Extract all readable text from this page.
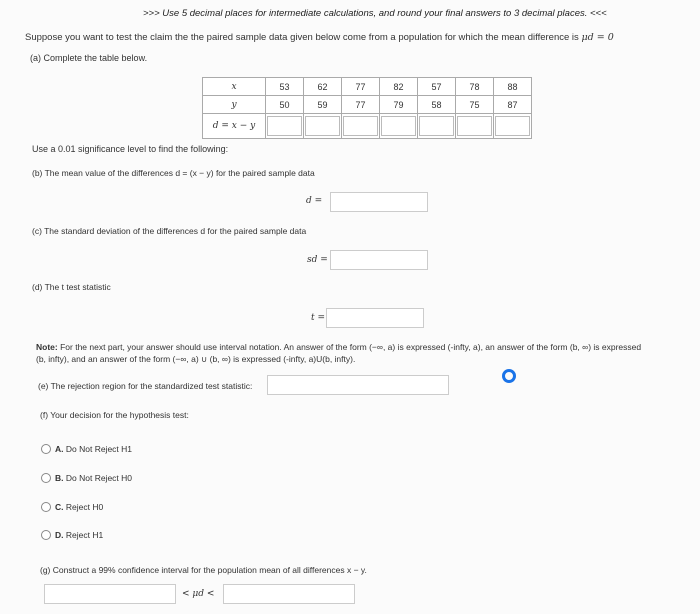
>>> Use 5 decimal places for intermediate calculations, and round your final answers to 3 decimal places. <<<
Suppose you want to test the claim the the paired sample data given below come from a population for which the mean difference is μd = 0
(a) Complete the table below.
x	53	62	77	82	57	78	88
y	50	59	77	79	58	75	87
d = x − y	

Use a 0.01 significance level to find the following:
(b) The mean value of the differences d = (x − y) for the paired sample data
d =
(c) The standard deviation of the differences d for the paired sample data
sd =
(d) The t test statistic
t =
Note: For the next part, your answer should use interval notation. An answer of the form (−∞, a) is expressed (-infty, a), an answer of the form (b, ∞) is expressed
(b, infty), and an answer of the form (−∞, a) ∪ (b, ∞) is expressed (-infty, a)U(b, infty).
(e) The rejection region for the standardized test statistic:
(f) Your decision for the hypothesis test:
A. Do Not Reject H1
B. Do Not Reject H0
C. Reject H0
D. Reject H1
(g) Construct a 99% confidence interval for the population mean of all differences x − y.
< μd <
